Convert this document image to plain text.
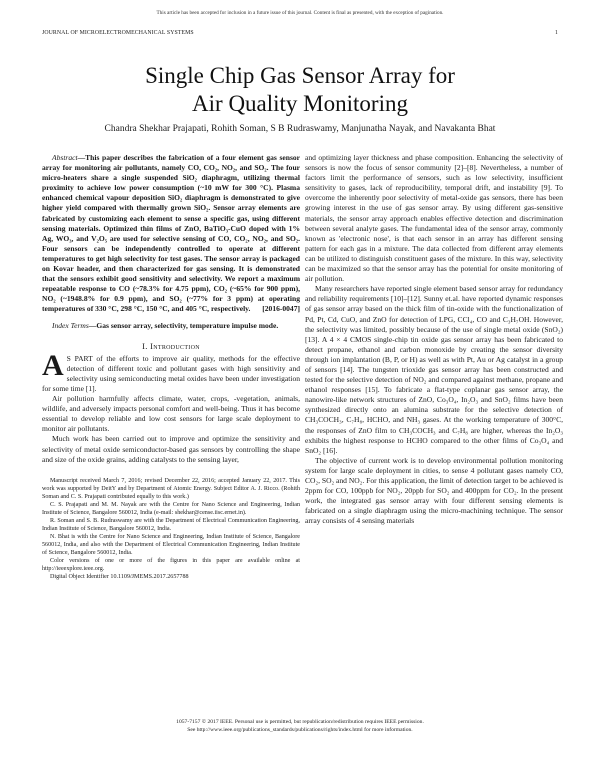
This article has been accepted for inclusion in a future issue of this journal. Content is final as presented, with the exception of pagination.
JOURNAL OF MICROELECTROMECHANICAL SYSTEMS	1
Single Chip Gas Sensor Array for
Air Quality Monitoring
Chandra Shekhar Prajapati, Rohith Soman, S B Rudraswamy, Manjunatha Nayak, and Navakanta Bhat

Abstract—This paper describes the fabrication of a four element gas sensor array for monitoring air pollutants, namely CO, CO₂, NO₂, and SO₂. The four micro-heaters share a single suspended SiO₂ diaphragm, utilizing thermal proximity to achieve low power consumption (~10 mW for 300 °C). Plasma enhanced chemical vapour deposition SiO₂ diaphragm is demonstrated to give higher yield compared with thermally grown SiO₂. Sensor array elements are fabricated by customizing each element to sense a specific gas, using different sensing materials. Optimized thin films of ZnO, BaTiO₃-CuO doped with 1% Ag, WO₃, and V₂O₅ are used for selective sensing of CO, CO₂, NO₂, and SO₂. Four sensors can be independently controlled to operate at different temperatures to get high selectivity for test gases. The sensor array is packaged on Kovar header, and then characterized for gas sensing. It is demonstrated that the sensors exhibit good sensitivity and selectivity. We report a maximum repeatable response to CO (~78.3% for 4.75 ppm), CO₂ (~65% for 900 ppm), NO₂ (~1948.8% for 0.9 ppm), and SO₂ (~77% for 3 ppm) at operating temperatures of 330 °C, 298 °C, 150 °C, and 405 °C, respectively.	[2016-0047]

Index Terms—Gas sensor array, selectivity, temperature impulse mode.

I. Introduction

A S PART of the efforts to improve air quality, methods for the effective detection of different toxic and pollutant gases with high sensitivity and selectivity using semiconducting metal oxides have been under investigation for some time [1].

Air pollution harmfully affects climate, water, crops, -vegetation, animals, wildlife, and adversely impacts personal comfort and well-being. Thus it has become essential to develop reliable and low cost sensors for large scale deployment to monitor air pollutants.

Much work has been carried out to improve and optimize the sensitivity and selectivity of metal oxide semiconductor-based gas sensors by controlling the shape and size of the oxide grains, adding catalysts to the sensing layer,

Manuscript received March 7, 2016; revised December 22, 2016; accepted January 22, 2017. This work was supported by DeitY and by Department of Atomic Energy. Subject Editor A. J. Ricco. (Rohith Soman and C. S. Prajapati contributed equally to this work.)

C. S. Prajapati and M. M. Nayak are with the Centre for Nano Science and Engineering, Indian Institute of Science, Bangalore 560012, India (e-mail: shekhar@cense.iisc.ernet.in).

R. Soman and S. B. Rudraswamy are with the Department of Electrical Communication Engineering, Indian Institute of Science, Bangalore 560012, India.

N. Bhat is with the Centre for Nano Science and Engineering, Indian Institute of Science, Bangalore 560012, India, and also with the Department of Electrical Communication Engineering, Indian Institute of Science, Bangalore 560012, India.

Color versions of one or more of the figures in this paper are available online at http://ieeexplore.ieee.org.

Digital Object Identifier 10.1109/JMEMS.2017.2657788

and optimizing layer thickness and phase composition. Enhancing the selectivity of sensors is now the focus of sensor community [2]–[8]. Nevertheless, a number of factors limit the performance of sensors, such as low selectivity, insufficient sensitivity to gases, lack of reproducibility, temporal drift, and instability [9]. To overcome the inherently poor selectivity of metal-oxide gas sensors, there has been growing interest in the use of gas sensor array. By using different gas-sensitive materials, the sensor array approach enables effective detection and discrimination between several analyte gases. The fundamental idea of the sensor array, commonly known as 'electronic nose', is that each sensor in an array has different sensing pattern for each gas in a mixture. The data collected from different array elements can be utilized to distinguish constituent gases of the mixture. In this way, selectivity can be maximized so that the sensor array has the potential for onsite monitoring of air pollution.

Many researchers have reported single element based sensor array for redundancy and reliability requirements [10]–[12]. Sunny et.al. have reported dynamic responses of gas sensor array based on the thick film of tin-oxide with the functionalization of Pd, Pt, Cd, CuO, and ZnO for detection of LPG, CCl₄, CO and C₃H₇OH. However, the selectivity was limited, possibly because of the use of single metal oxide (SnO₂) [13]. A 4 × 4 CMOS single-chip tin oxide gas sensor array has been fabricated to detect propane, ethanol and carbon monoxide by creating the sensor diversity through ion implantation (B, P, or H) as well as with Pt, Au or Ag catalyst in a group of sensors [14]. The tungsten trioxide gas sensor array has been constructed and tested for the selective detection of NO₂ and compared against methane, propane and ethanol responses [15]. To fabricate a flat-type coplanar gas sensor array, the nanowire-like network structures of ZnO, Co₃O₄, In₂O₃ and SnO₂ films have been synthesized directly onto an alumina substrate for the selective detection of CH₃COCH₃, C₇H₈, HCHO, and NH₃ gases. At the working temperature of 300°C, the responses of ZnO film to CH₃COCH₃ and C₇H₈ are higher, whereas the In₂O₃ exhibits the highest response to HCHO compared to the other films of Co₃O₄ and SnO₂ [16].

The objective of current work is to develop environmental pollution monitoring system for large scale deployment in cities, to sense 4 pollutant gases namely CO, CO₂, SO₂ and NO₂. For this application, the limit of detection target to be achieved is 2ppm for CO, 100ppb for NO₂, 20ppb for SO₂ and 400ppm for CO₂. In the present work, the integrated gas sensor array with four different sensing elements is fabricated on a single diaphragm using the micro-machining technique. The sensor array consists of 4 sensing materials

1057-7157 © 2017 IEEE. Personal use is permitted, but republication/redistribution requires IEEE permission.
See http://www.ieee.org/publications_standards/publications/rights/index.html for more information.
